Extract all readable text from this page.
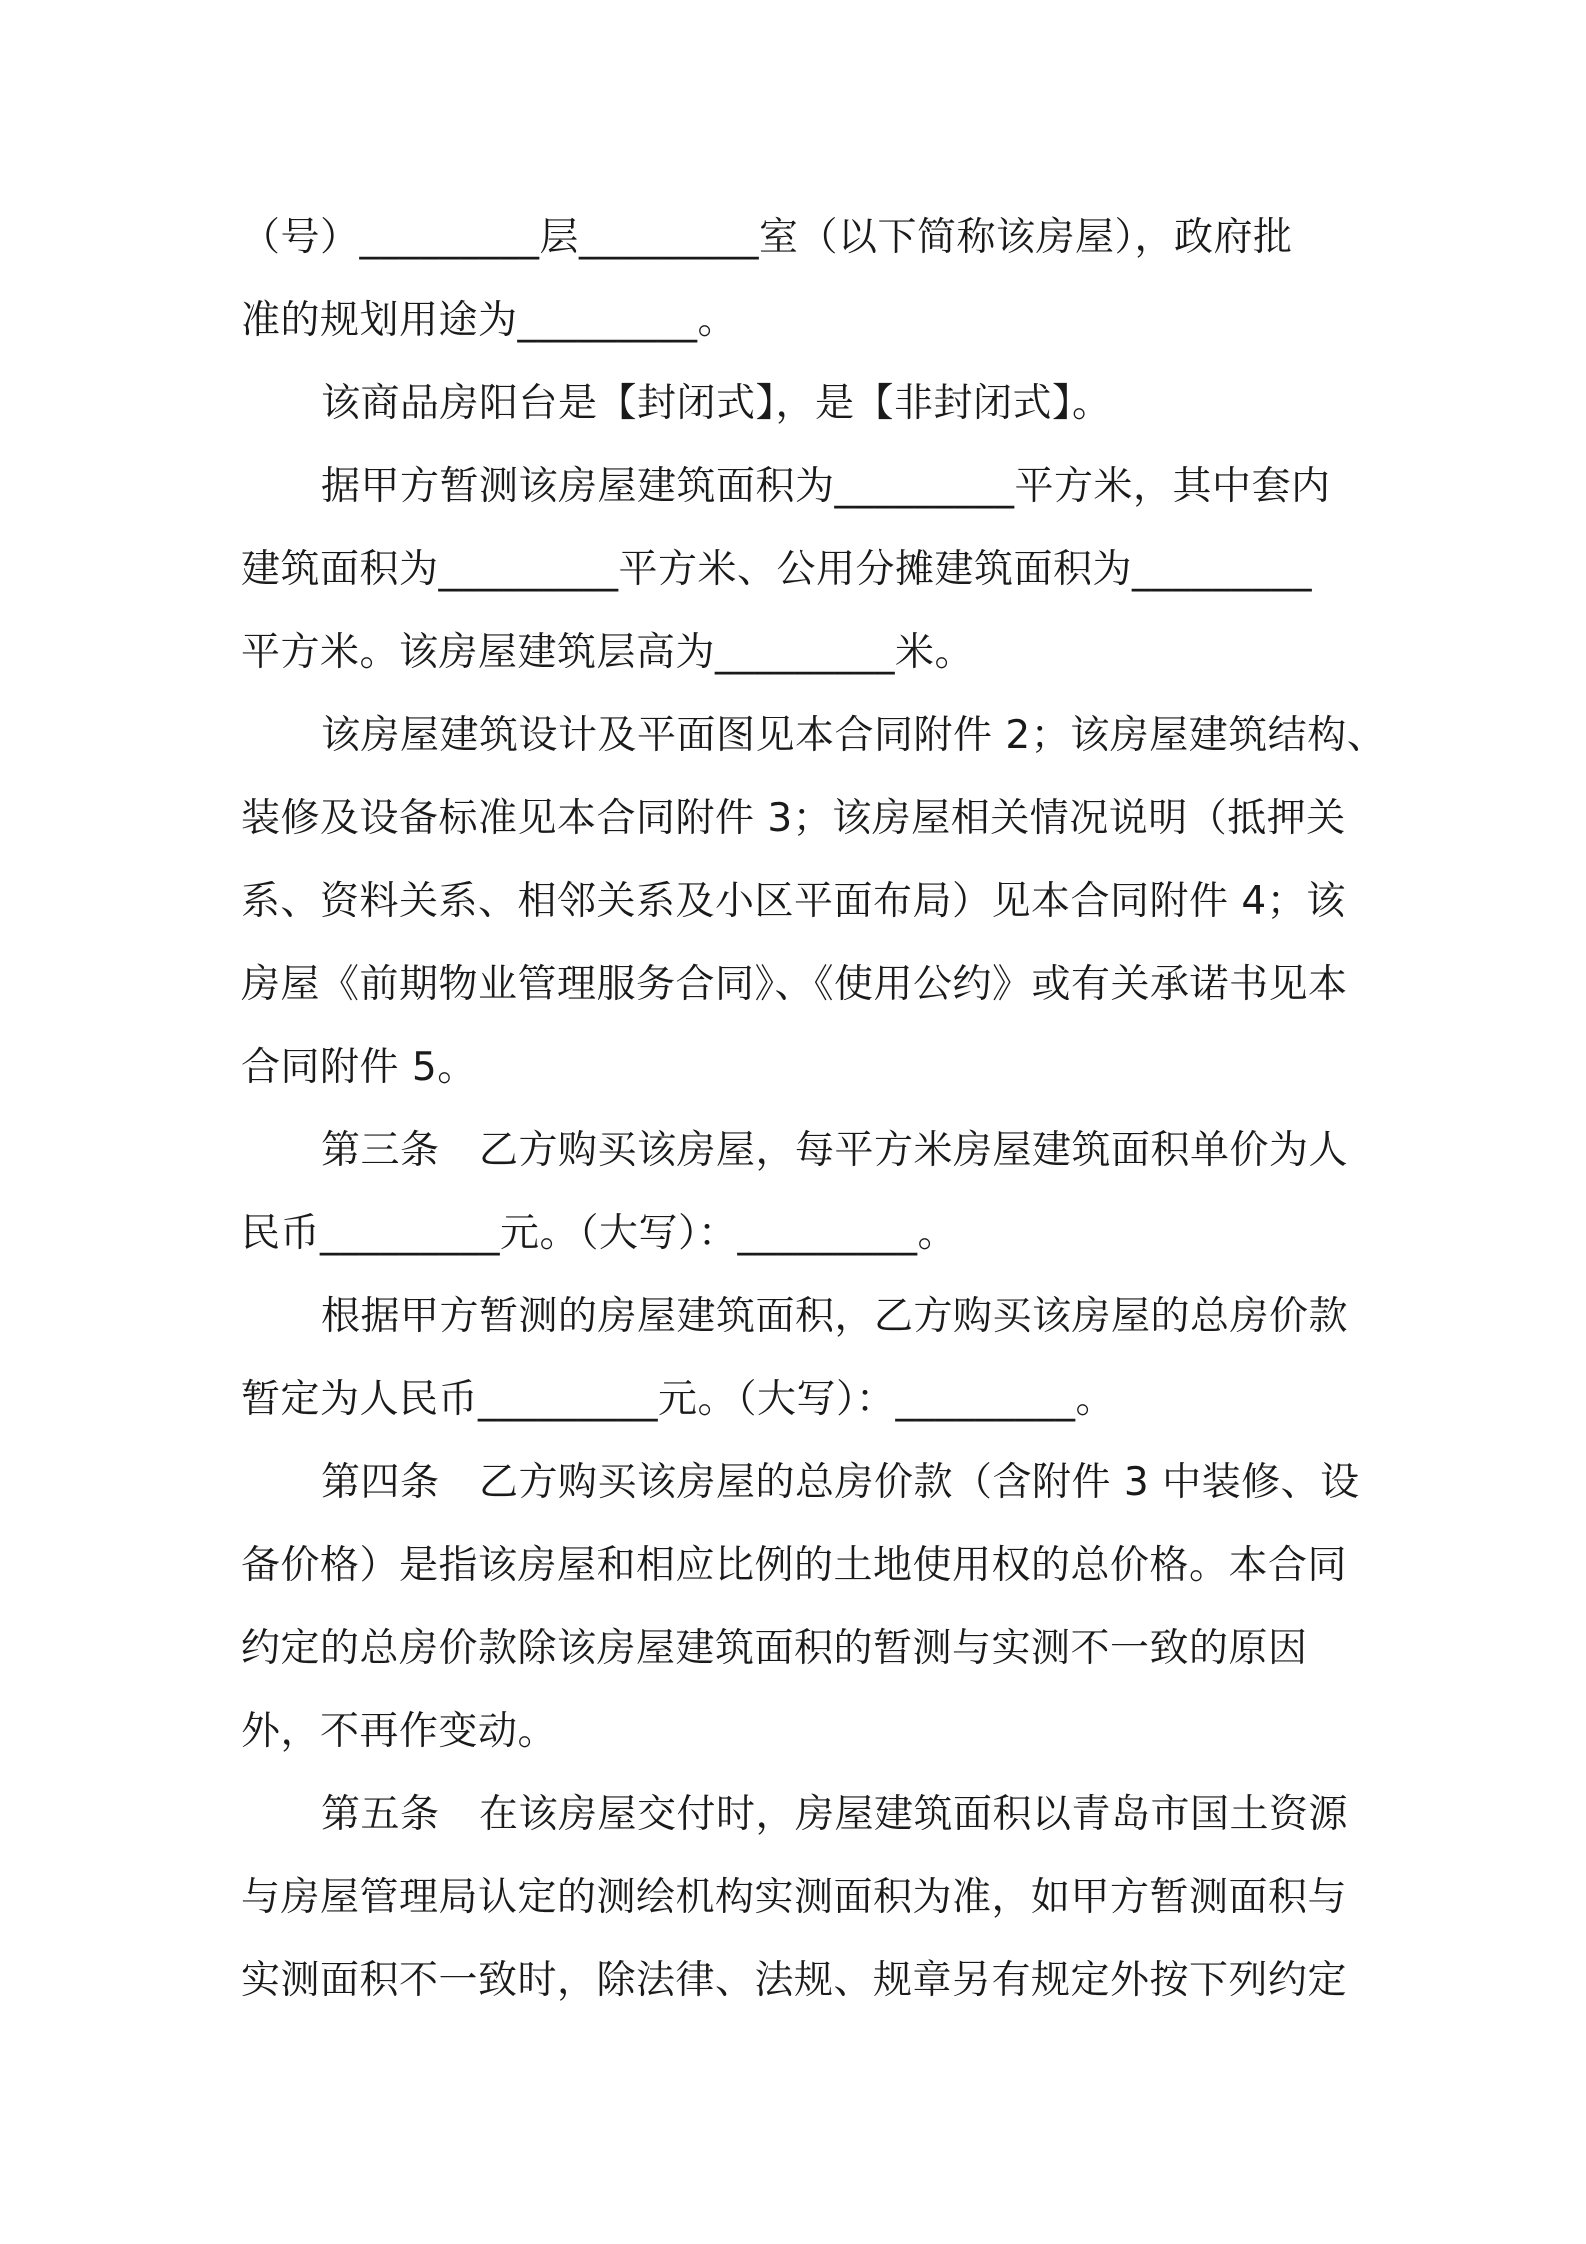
（号）_________层_________室（以下简称该房屋），政府批
准的规划用途为_________。
该商品房阳台是【封闭式】，是【非封闭式】。
据甲方暂测该房屋建筑面积为_________平方米，其中套内
建筑面积为_________平方米、公用分摊建筑面积为_________
平方米。该房屋建筑层高为_________米。
该房屋建筑设计及平面图见本合同附件 2；该房屋建筑结构、
装修及设备标准见本合同附件 3；该房屋相关情况说明（抵押关
系、资料关系、相邻关系及小区平面布局）见本合同附件 4；该
房屋《前期物业管理服务合同》、《使用公约》或有关承诺书见本
合同附件 5。
第三条　乙方购买该房屋，每平方米房屋建筑面积单价为人
民币_________元。（大写）：_________。
根据甲方暂测的房屋建筑面积，乙方购买该房屋的总房价款
暂定为人民币_________元。（大写）：_________。
第四条　乙方购买该房屋的总房价款（含附件 3 中装修、设
备价格）是指该房屋和相应比例的土地使用权的总价格。本合同
约定的总房价款除该房屋建筑面积的暂测与实测不一致的原因
外，不再作变动。
第五条　在该房屋交付时，房屋建筑面积以青岛市国土资源
与房屋管理局认定的测绘机构实测面积为准，如甲方暂测面积与
实测面积不一致时，除法律、法规、规章另有规定外按下列约定
